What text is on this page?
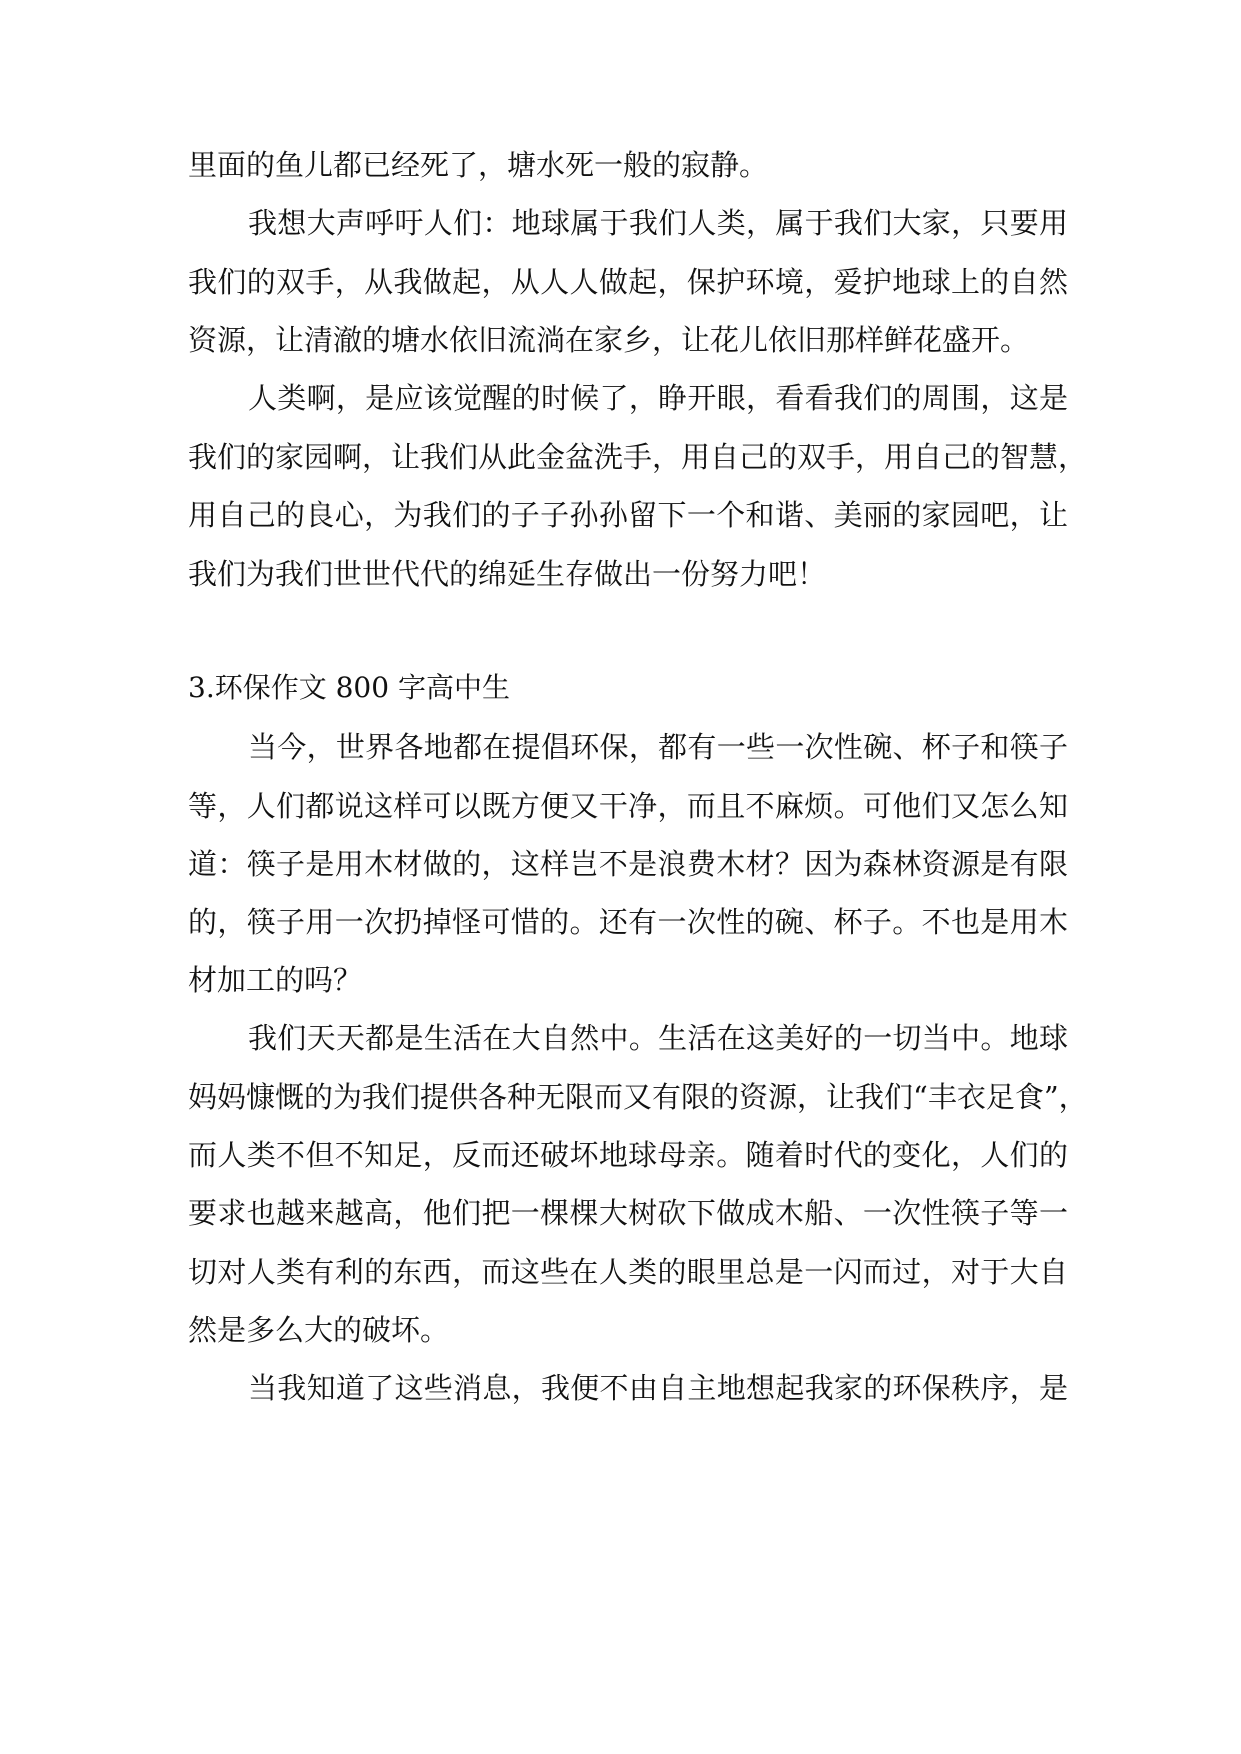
里面的鱼儿都已经死了，塘水死一般的寂静。
我想大声呼吁人们：地球属于我们人类，属于我们大家，只要用
我们的双手，从我做起，从人人做起，保护环境，爱护地球上的自然
资源，让清澈的塘水依旧流淌在家乡，让花儿依旧那样鲜花盛开。
人类啊，是应该觉醒的时候了，睁开眼，看看我们的周围，这是
我们的家园啊，让我们从此金盆洗手，用自己的双手，用自己的智慧，
用自己的良心，为我们的子子孙孙留下一个和谐、美丽的家园吧，让
我们为我们世世代代的绵延生存做出一份努力吧！
3.环保作文 800 字高中生
当今，世界各地都在提倡环保，都有一些一次性碗、杯子和筷子
等，人们都说这样可以既方便又干净，而且不麻烦。可他们又怎么知
道：筷子是用木材做的，这样岂不是浪费木材？因为森林资源是有限
的，筷子用一次扔掉怪可惜的。还有一次性的碗、杯子。不也是用木
材加工的吗？
我们天天都是生活在大自然中。生活在这美好的一切当中。地球
妈妈慷慨的为我们提供各种无限而又有限的资源，让我们“丰衣足食”，
而人类不但不知足，反而还破坏地球母亲。随着时代的变化，人们的
要求也越来越高，他们把一棵棵大树砍下做成木船、一次性筷子等一
切对人类有利的东西，而这些在人类的眼里总是一闪而过，对于大自
然是多么大的破坏。
当我知道了这些消息，我便不由自主地想起我家的环保秩序，是
